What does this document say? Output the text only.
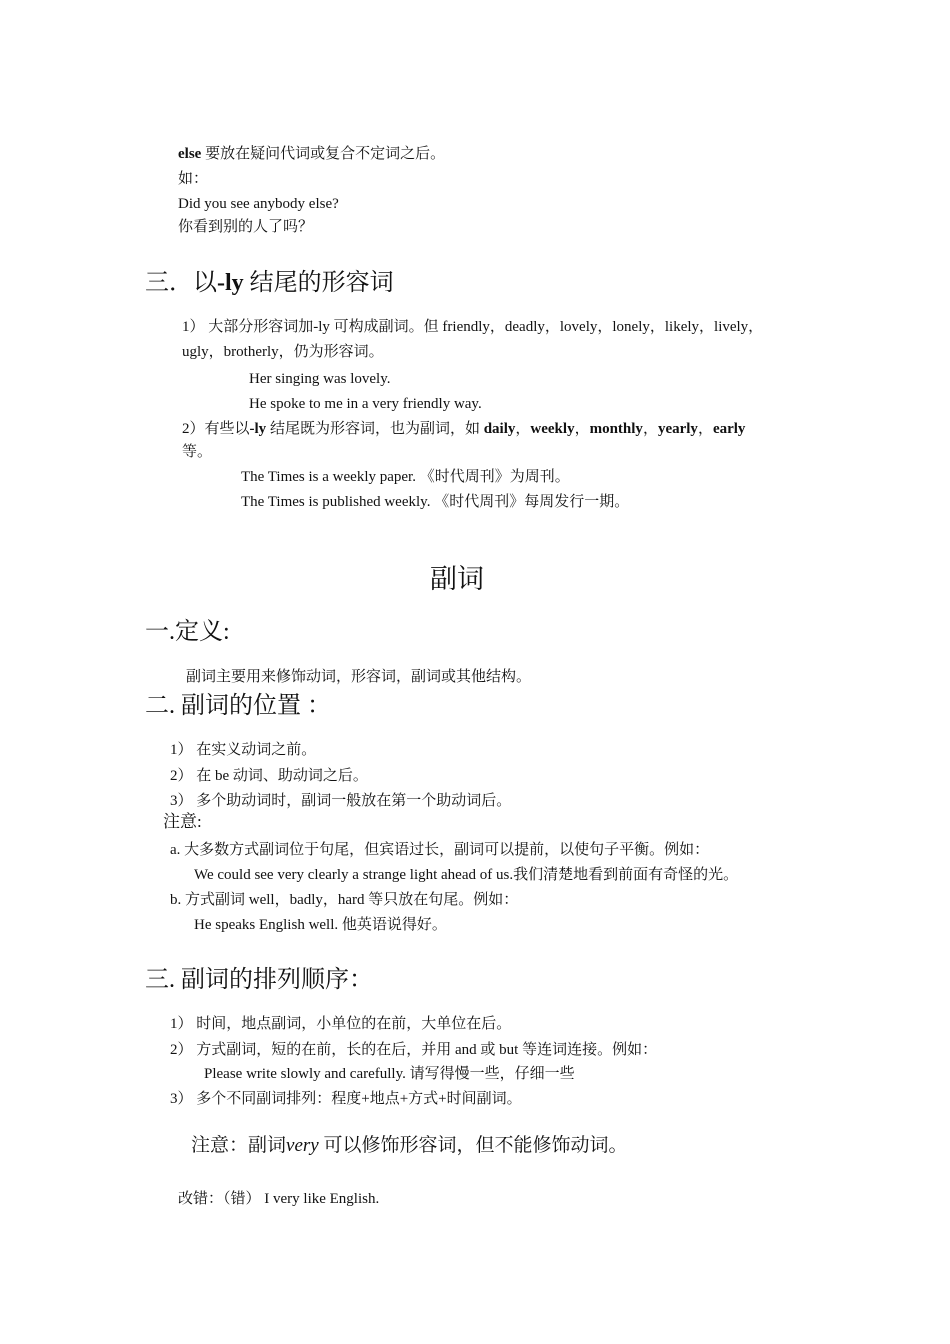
else 要放在疑问代词或复合不定词之后。
如：
Did you see anybody else?
你看到别的人了吗？
三．以-ly 结尾的形容词
1） 大部分形容词加-ly 可构成副词。但 friendly，deadly，lovely，lonely，likely，lively，
ugly，brotherly，仍为形容词。
Her singing was lovely.
He spoke to me in a very friendly way.
2）有些以-ly 结尾既为形容词，也为副词，如 daily，weekly，monthly，yearly，early
等。
The Times is a weekly paper. 《时代周刊》为周刊。
The Times is published weekly. 《时代周刊》每周发行一期。
副词
一.定义:
副词主要用来修饰动词，形容词，副词或其他结构。
二. 副词的位置 ：
1） 在实义动词之前。
2） 在 be 动词、助动词之后。
3） 多个助动词时，副词一般放在第一个助动词后。
注意:
a. 大多数方式副词位于句尾，但宾语过长，副词可以提前，以使句子平衡。例如：
We could see very clearly a strange light ahead of us.我们清楚地看到前面有奇怪的光。
b. 方式副词 well，badly，hard 等只放在句尾。例如：
He speaks English well. 他英语说得好。
三. 副词的排列顺序：
1） 时间，地点副词，小单位的在前，大单位在后。
2） 方式副词，短的在前，长的在后，并用 and 或 but 等连词连接。例如：
Please write slowly and carefully. 请写得慢一些，仔细一些
3） 多个不同副词排列：程度+地点+方式+时间副词。
注意：副词very 可以修饰形容词，但不能修饰动词。
改错：（错） I very like English.
